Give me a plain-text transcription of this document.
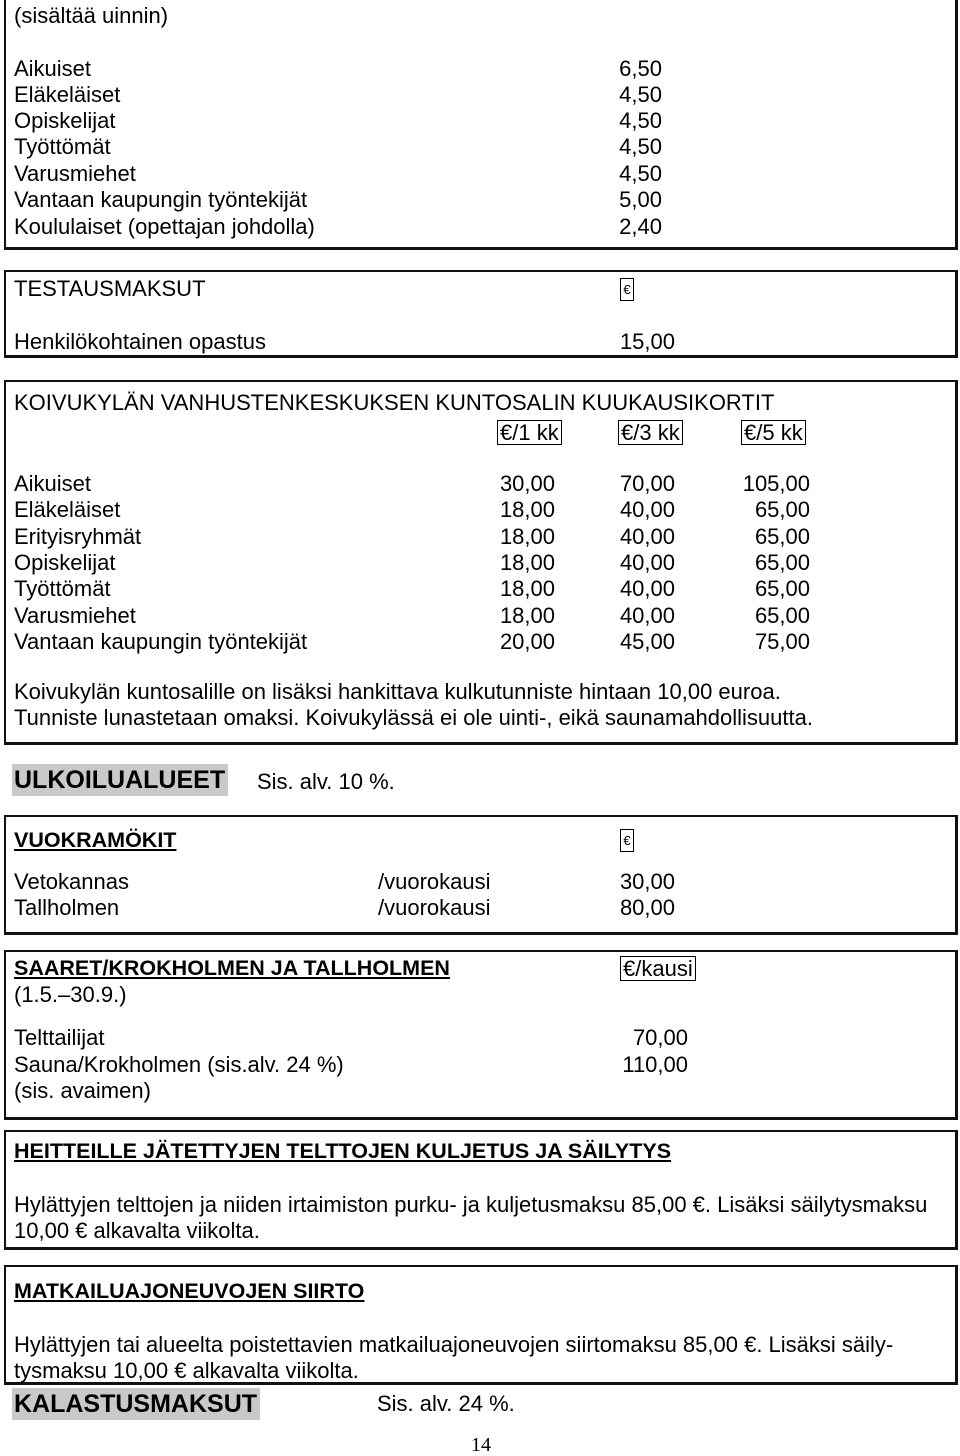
(sisältää uinnin)
Aikuiset	6,50
Eläkeläiset	4,50
Opiskelijat	4,50
Työttömät	4,50
Varusmiehet	4,50
Vantaan kaupungin työntekijät	5,00
Koululaiset (opettajan johdolla)	2,40
TESTAUSMAKSUT	€
Henkilökohtainen opastus	15,00
KOIVUKYLÄN VANHUSTENKESKUKSEN KUNTOSALIN KUUKAUSIKORTIT
€/1 kk	€/3 kk	€/5 kk
Aikuiset	30,00	70,00	105,00
Eläkeläiset	18,00	40,00	65,00
Erityisryhmät	18,00	40,00	65,00
Opiskelijat	18,00	40,00	65,00
Työttömät	18,00	40,00	65,00
Varusmiehet	18,00	40,00	65,00
Vantaan kaupungin työntekijät	20,00	45,00	75,00
Koivukylän kuntosalille on lisäksi hankittava kulkutunniste hintaan 10,00 euroa.
Tunniste lunastetaan omaksi. Koivukylässä ei ole uinti-, eikä saunamahdollisuutta.
ULKOILUALUEET Sis. alv. 10 %.
VUOKRAMÖKIT	€
Vetokannas	/vuorokausi	30,00
Tallholmen	/vuorokausi	80,00
SAARET/KROKHOLMEN JA TALLHOLMEN	€/kausi
(1.5.–30.9.)
Telttailijat	70,00
Sauna/Krokholmen (sis.alv. 24 %)	110,00
(sis. avaimen)
HEITTEILLE JÄTETTYJEN TELTTOJEN KULJETUS JA SÄILYTYS
Hylättyjen telttojen ja niiden irtaimiston purku- ja kuljetusmaksu 85,00 €. Lisäksi säilytysmaksu
10,00 € alkavalta viikolta.
MATKAILUAJONEUVOJEN SIIRTO
Hylättyjen tai alueelta poistettavien matkailuajoneuvojen siirtomaksu 85,00 €. Lisäksi säily-
tysmaksu 10,00 € alkavalta viikolta.
KALASTUSMAKSUT	Sis. alv. 24 %.
14
